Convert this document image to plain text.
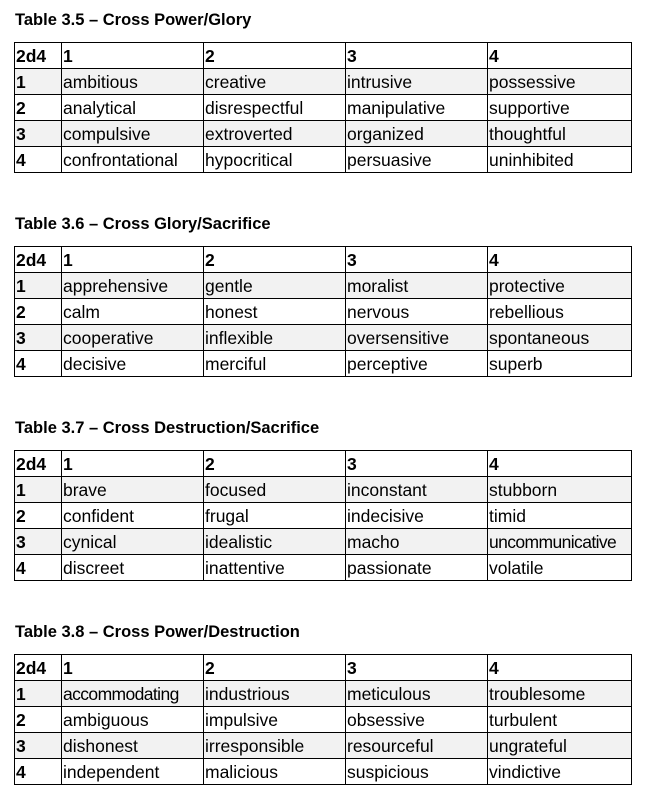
Table 3.5 – Cross Power/Glory
2d4	1	2	3	4
1	ambitious	creative	intrusive	possessive
2	analytical	disrespectful	manipulative	supportive
3	compulsive	extroverted	organized	thoughtful
4	confrontational	hypocritical	persuasive	uninhibited
Table 3.6 – Cross Glory/Sacrifice
2d4	1	2	3	4
1	apprehensive	gentle	moralist	protective
2	calm	honest	nervous	rebellious
3	cooperative	inflexible	oversensitive	spontaneous
4	decisive	merciful	perceptive	superb
Table 3.7 – Cross Destruction/Sacrifice
2d4	1	2	3	4
1	brave	focused	inconstant	stubborn
2	confident	frugal	indecisive	timid
3	cynical	idealistic	macho	uncommunicative
4	discreet	inattentive	passionate	volatile
Table 3.8 – Cross Power/Destruction
2d4	1	2	3	4
1	accommodating	industrious	meticulous	troublesome
2	ambiguous	impulsive	obsessive	turbulent
3	dishonest	irresponsible	resourceful	ungrateful
4	independent	malicious	suspicious	vindictive
